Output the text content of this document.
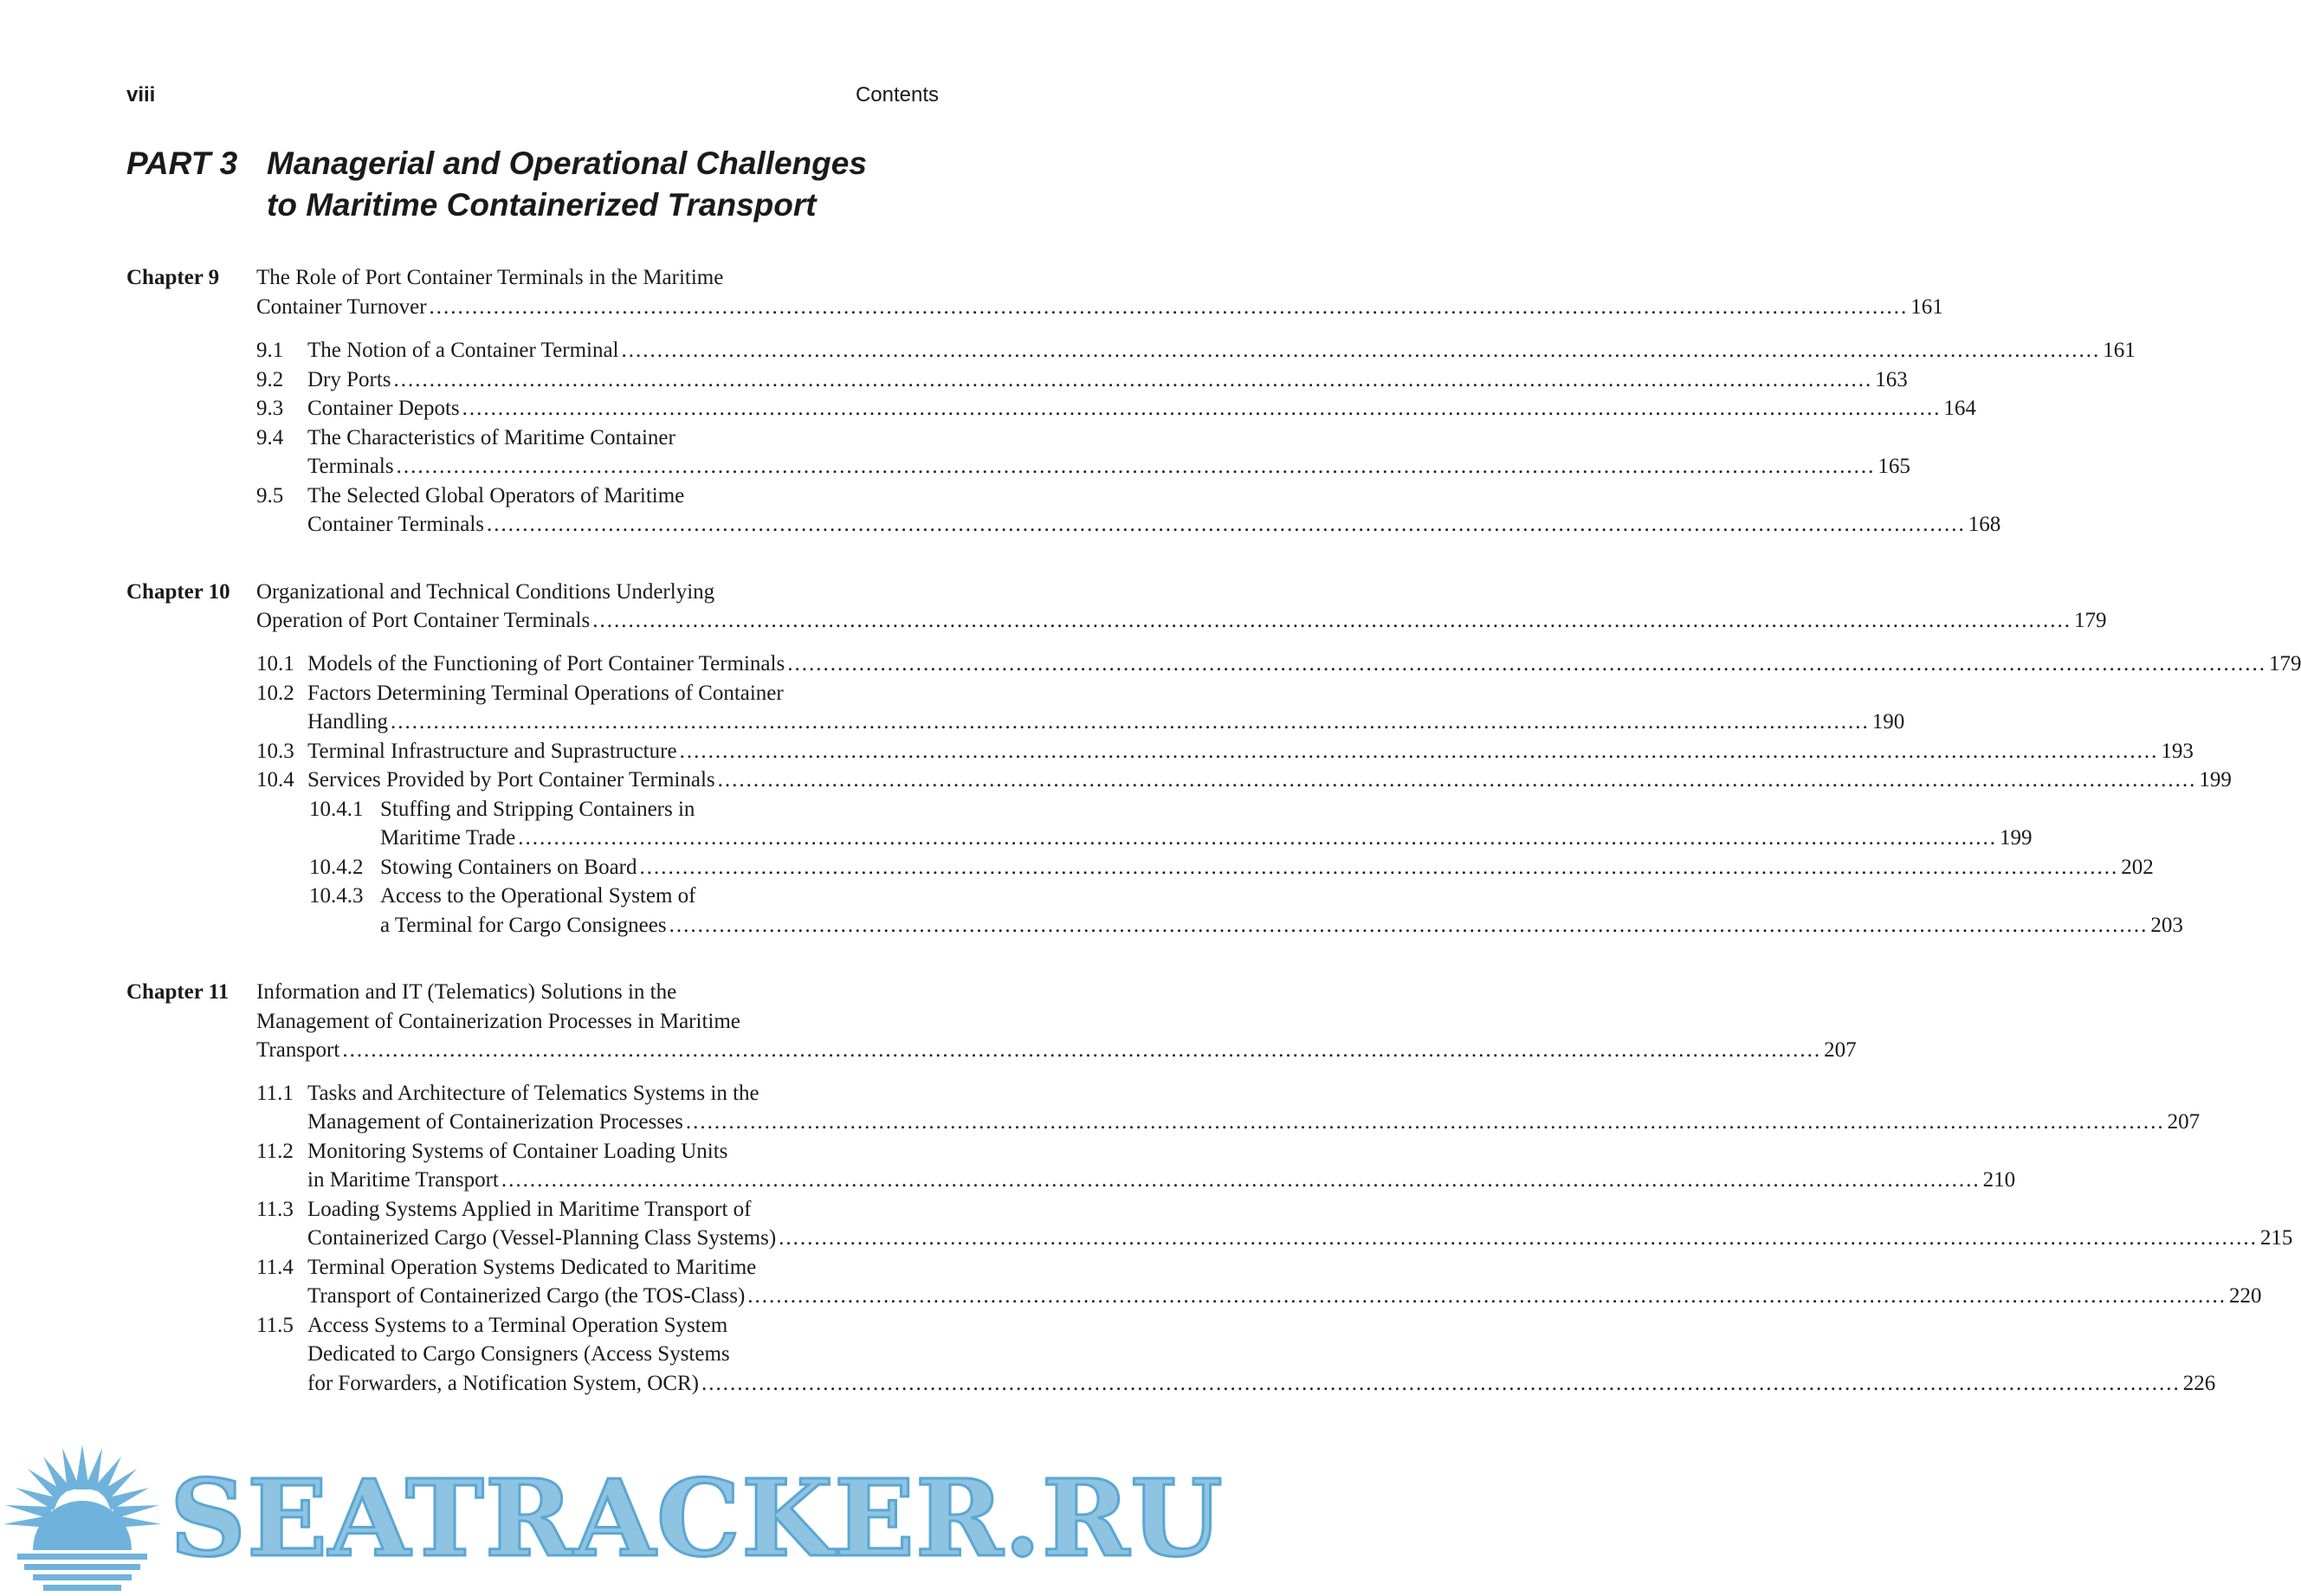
viii	Contents
PART 3 Managerial and Operational Challenges
to Maritime Containerized Transport
Chapter 9 The Role of Port Container Terminals in the Maritime
Container Turnover .....	161
9.1 The Notion of a Container Terminal .....	161
9.2 Dry Ports .....	163
9.3 Container Depots .....	164
9.4 The Characteristics of Maritime Container
Terminals .....	165
9.5 The Selected Global Operators of Maritime
Container Terminals .....	168
Chapter 10 Organizational and Technical Conditions Underlying
Operation of Port Container Terminals .....	179
10.1 Models of the Functioning of Port Container Terminals .....	179
10.2 Factors Determining Terminal Operations of Container
Handling .....	190
10.3 Terminal Infrastructure and Suprastructure .....	193
10.4 Services Provided by Port Container Terminals .....	199
10.4.1 Stuffing and Stripping Containers in
Maritime Trade .....	199
10.4.2 Stowing Containers on Board .....	202
10.4.3 Access to the Operational System of
a Terminal for Cargo Consignees .....	203
Chapter 11 Information and IT (Telematics) Solutions in the
Management of Containerization Processes in Maritime
Transport .....	207
11.1 Tasks and Architecture of Telematics Systems in the
Management of Containerization Processes .....	207
11.2 Monitoring Systems of Container Loading Units
in Maritime Transport .....	210
11.3 Loading Systems Applied in Maritime Transport of
Containerized Cargo (Vessel-Planning Class Systems) .....	215
11.4 Terminal Operation Systems Dedicated to Maritime
Transport of Containerized Cargo (the TOS-Class) .....	220
11.5 Access Systems to a Terminal Operation System
Dedicated to Cargo Consigners (Access Systems
for Forwarders, a Notification System, OCR) .....	226
SEATRACKER.RU
